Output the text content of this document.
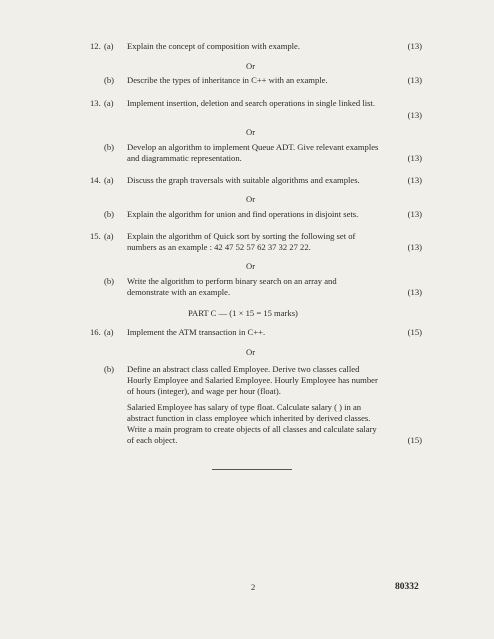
12. (a) Explain the concept of composition with example.	(13)
Or
(b) Describe the types of inheritance in C++ with an example.	(13)
13. (a) Implement insertion, deletion and search operations in single linked list.
(13)
Or
(b) Develop an algorithm to implement Queue ADT. Give relevant examples
and diagrammatic representation.	(13)
14. (a) Discuss the graph traversals with suitable algorithms and examples.	(13)
Or
(b) Explain the algorithm for union and find operations in disjoint sets.	(13)
15. (a) Explain the algorithm of Quick sort by sorting the following set of
numbers as an example : 42 47 52 57 62 37 32 27 22.	(13)
Or
(b) Write the algorithm to perform binary search on an array and
demonstrate with an example.	(13)
PART C — (1 × 15 = 15 marks)
16. (a) Implement the ATM transaction in C++.	(15)
Or
(b) Define an abstract class called Employee. Derive two classes called
Hourly Employee and Salaried Employee. Hourly Employee has number
of hours (integer), and wage per hour (float).
Salaried Employee has salary of type float. Calculate salary ( ) in an
abstract function in class employee which inherited by derived classes.
Write a main program to create objects of all classes and calculate salary
of each object.	(15)
2	80332
